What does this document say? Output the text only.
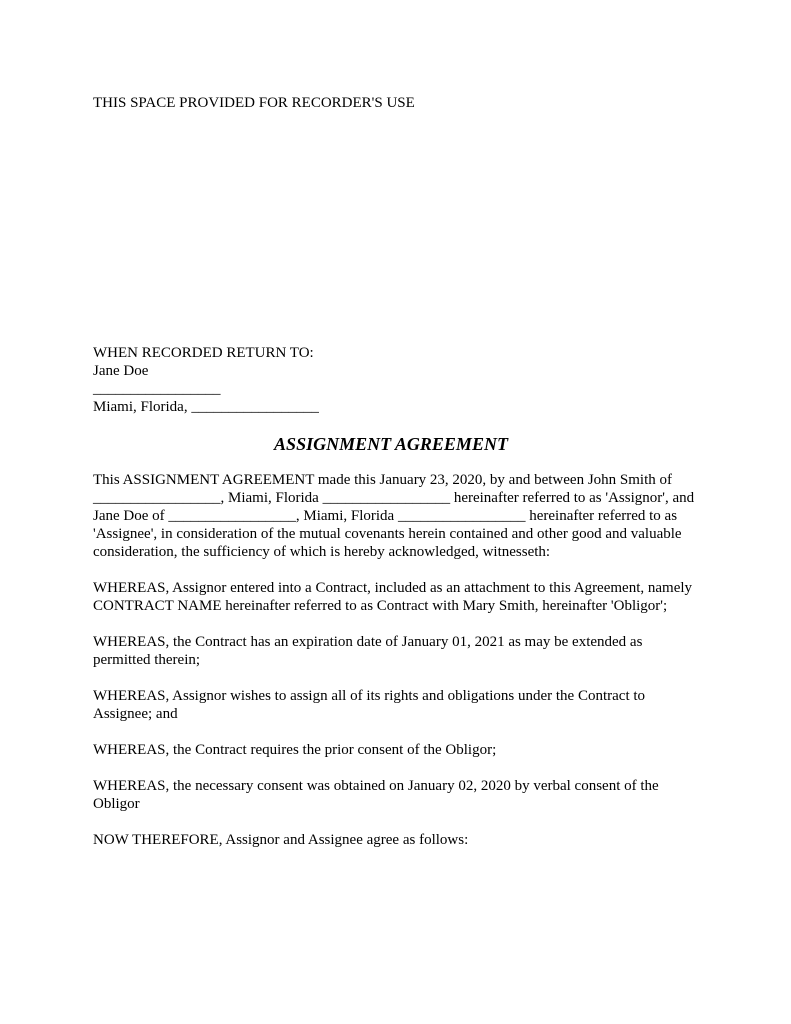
THIS SPACE PROVIDED FOR RECORDER'S USE
WHEN RECORDED RETURN TO:
Jane Doe
_________________
Miami, Florida, _________________
ASSIGNMENT AGREEMENT

This ASSIGNMENT AGREEMENT made this January 23, 2020, by and between John Smith of _________________, Miami, Florida _________________ hereinafter referred to as 'Assignor', and Jane Doe of _________________, Miami, Florida _________________ hereinafter referred to as 'Assignee', in consideration of the mutual covenants herein contained and other good and valuable consideration, the sufficiency of which is hereby acknowledged, witnesseth:

WHEREAS, Assignor entered into a Contract, included as an attachment to this Agreement, namely CONTRACT NAME hereinafter referred to as Contract with Mary Smith, hereinafter 'Obligor';

WHEREAS, the Contract has an expiration date of January 01, 2021 as may be extended as permitted therein;

WHEREAS, Assignor wishes to assign all of its rights and obligations under the Contract to Assignee; and

WHEREAS, the Contract requires the prior consent of the Obligor;

WHEREAS, the necessary consent was obtained on January 02, 2020 by verbal consent of the Obligor

NOW THEREFORE, Assignor and Assignee agree as follows:
